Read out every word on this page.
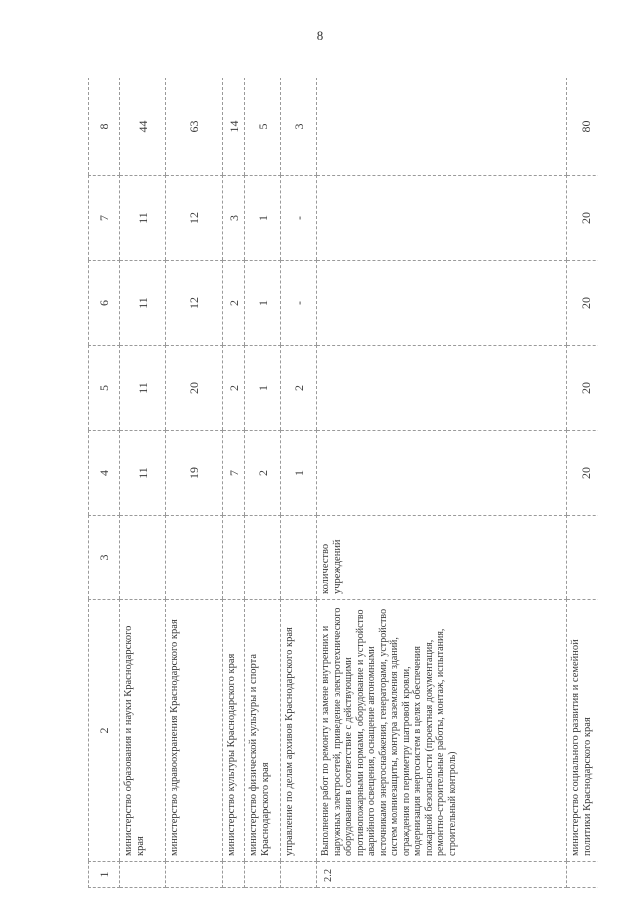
8
1	2	3	4	5	6	7	8
	министерство образования и науки Краснодарского края		11	11	11	11	44
	министерство здравоохранения Краснодарского края		19	20	12	12	63
	министерство культуры Краснодарского края		7	2	2	3	14
	министерство физической культуры и спорта Краснодарского края		2	1	1	1	5
	управление по делам архивов Краснодарского края		1	2	-	-	3
2.2	Выполнение работ по ремонту и замене внутренних и наружных электросетей, приведение электротехнического оборудования в соответствие с действующими противопожарными нормами, оборудование и устройство аварийного освещения, оснащение автономными источниками энергоснабжения, генераторами, устройство систем молниезащиты, контура заземления зданий, ограждения по периметру шатровой кровли, модернизация энергосистем в целях обеспечения пожарной безопасности (проектная документация, ремонтно-строительные работы, монтаж, испытания, строительный контроль)	количество учреждений					
	министерство социального развития и семейной политики Краснодарского края		20	20	20	20	80
